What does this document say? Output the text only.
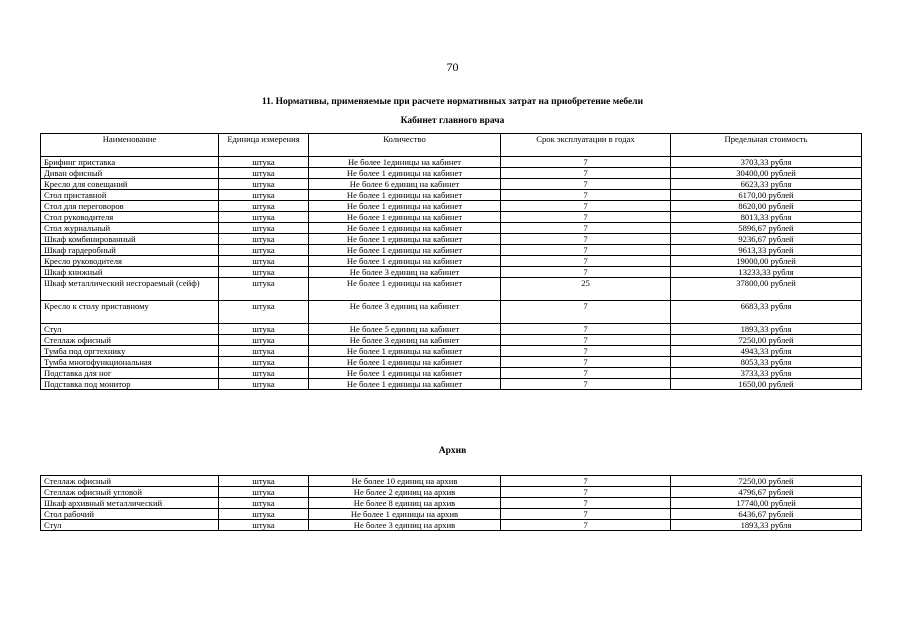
70
11. Нормативы, применяемые при расчете нормативных затрат на приобретение мебели
Кабинет главного врача
Наименование	Единица измерения	Количество	Срок эксплуатации в годах	Предельная стоимость
Брифинг приставка	штука	Не более 1единицы на кабинет	7	3703,33 рубля
Диван офисный	штука	Не более 1 единицы на кабинет	7	30400,00 рублей
Кресло для совещаний	штука	Не более 6 единиц на кабинет	7	6623,33 рубля
Стол приставной	штука	Не более 1 единицы на кабинет	7	6170,00 рублей
Стол для переговоров	штука	Не более 1 единицы на кабинет	7	8620,00 рублей
Стол руководителя	штука	Не более 1 единицы на кабинет	7	8013,33 рубля
Стол журнальный	штука	Не более 1 единицы на кабинет	7	5896,67 рублей
Шкаф комбинированный	штука	Не более 1 единицы на кабинет	7	9236,67 рублей
Шкаф гардеробный	штука	Не более 1 единицы на кабинет	7	9613,33 рублей
Кресло руководителя	штука	Не более 1 единицы на кабинет	7	19000,00 рублей
Шкаф книжный	штука	Не более 3 единиц на кабинет	7	13233,33 рубля
Шкаф металлический несгораемый (сейф)	штука	Не более 1 единицы на кабинет	25	37800,00 рублей
Кресло к столу приставному	штука	Не более 3 единиц на кабинет	7	6683,33 рубля
Стул	штука	Не более 5 единиц на кабинет	7	1893,33 рубля
Стеллаж офисный	штука	Не более 3 единиц на кабинет	7	7250,00 рублей
Тумба под оргтехнику	штука	Не более 1 единицы на кабинет	7	4943,33 рубля
Тумба многофункциональная	штука	Не более 1 единицы на кабинет	7	8053,33 рубля
Подставка для ног	штука	Не более 1 единицы на кабинет	7	3733,33 рубля
Подставка под монитор	штука	Не более 1 единицы на кабинет	7	1650,00 рублей
Архив
Стеллаж офисный	штука	Не более 10 единиц на архив	7	7250,00 рублей
Стеллаж офисный угловой	штука	Не более 2 единиц на архив	7	4796,67 рублей
Шкаф архивный металлический	штука	Не более 8 единиц на архив	7	17740,00 рублей
Стол рабочий	штука	Не более 1 единицы на архив	7	6436,67 рублей
Стул	штука	Не более 3 единиц на архив	7	1893,33 рубля
